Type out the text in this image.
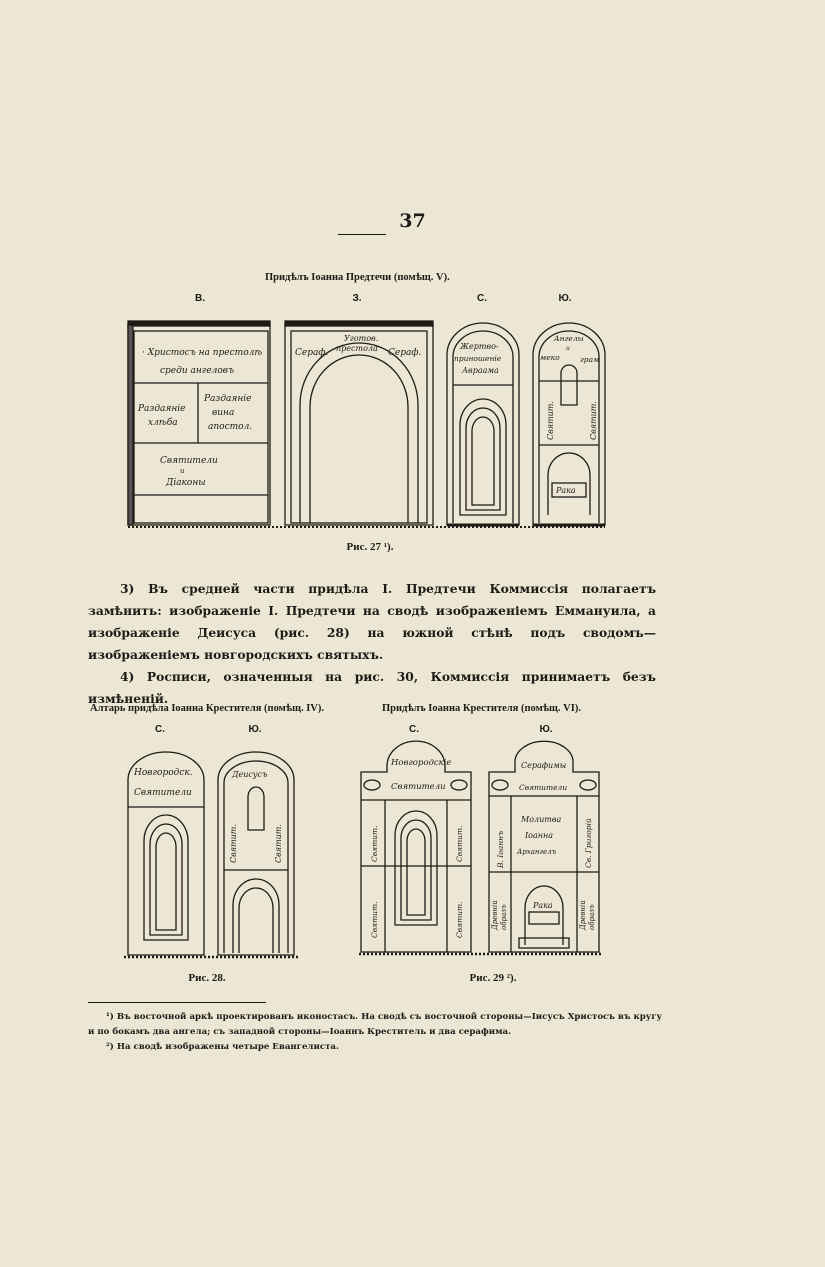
37
Придѣлъ Іоанна Предтечи (помѣщ. V).
В.	З.	С.	Ю.
· Христосъ на престолѣ
среди ангеловъ
Раздаяніе
хлѣба
Раздаяніе
вина
апостол.
Святители
и
Діаконы
Сераф.
Уготов.
престола Сераф.
Жертво-
приношеніе
Авраама
Ангелы
и
меко	грам
Святит.	Святит.
Рака
Рис. 27 ¹).

3) Въ средней части придѣла І. Предтечи Коммиссія полагаетъ замѣнить: изображеніе І. Предтечи на сводѣ изображеніемъ Еммануила, а изображеніе Деисуса (рис. 28) на южной стѣнѣ подъ сводомъ—изображеніемъ новгородскихъ святыхъ.

4) Росписи, означенныя на рис. 30, Коммиссія принимаетъ безъ измѣненій.

Алтарь придѣла Іоанна Крестителя (помѣщ. IV).
С.	Ю.
Новгородск.
Святители
Деисусъ
Святит.	Святит.
Рис. 28.
Придѣлъ Іоанна Крестителя (помѣщ. VI).
С.	Ю.
Новгородскіе
Святители
Святит.	Святит.
Святит.	Святит.
Серафимы
Святители
Молитва
Іоанна
Архангелъ
В. Іоаннъ	Св. Григорій
Древній образъ	Древній образъ
Рака
Рис. 29 ²).

¹) Въ восточной аркѣ проектированъ иконостасъ. На сводѣ съ восточной стороны—Іисусъ Христосъ въ кругу и по бокамъ два ангела; съ западной стороны—Іоаннъ Креститель и два серафима.

²) На сводѣ изображены четыре Евангелиста.
